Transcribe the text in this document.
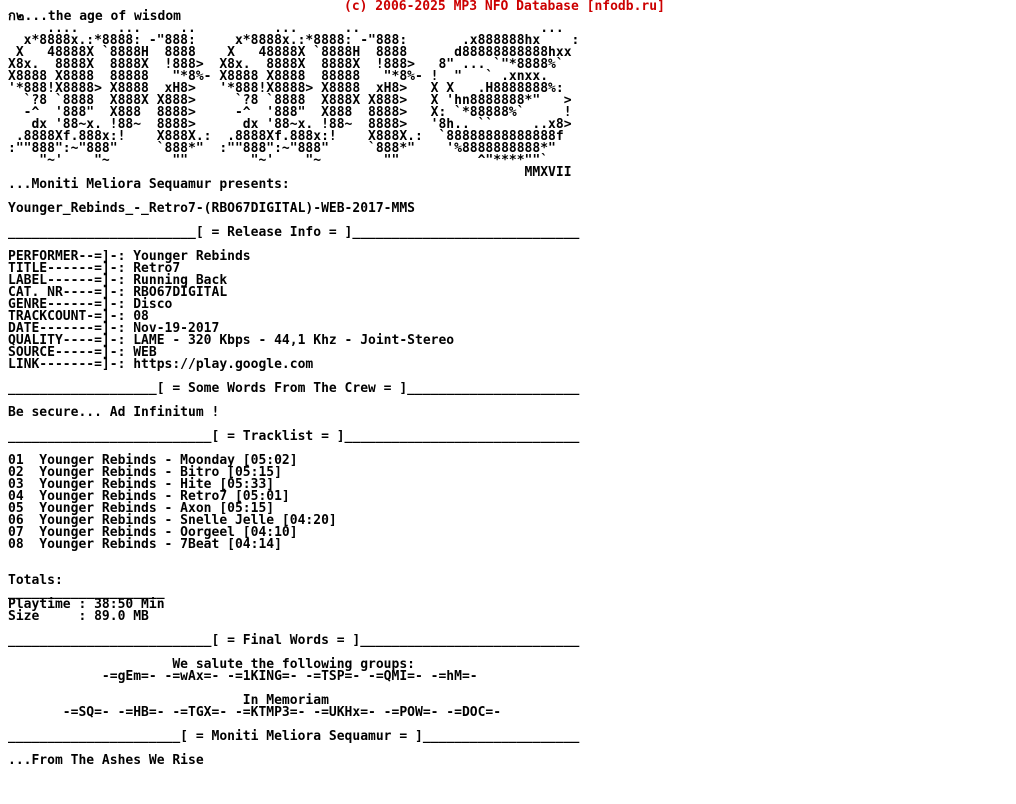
(c) 2006-2025 MP3 NFO Database [nfodb.ru]
ก๒...the age of wisdom
....     ...     ..          ...      ..                       ...
x*8888x.:*8888: -"888:     x*8888x.:*8888: -"888:       .x888888hx    :
X   48888X `8888H  8888    X   48888X `8888H  8888      d88888888888hxx
X8x.  8888X  8888X  !888>  X8x.  8888X  8888X  !888>   8" ... `"*8888%`
X8888 X8888  88888   "*8%- X8888 X8888  88888   "*8%- !  "   ` .xnxx.
'*888!X8888> X8888  xH8>   '*888!X8888> X8888  xH8>   X X   .H8888888%:
`?8 `8888  X888X X888>     `?8 `8888  X888X X888>   X 'hn8888888*"   >
-^  '888"  X888  8888>     -^  '888"  X888  8888>   X: `*88888%`     !
dx '88~x. !88~  8888>      dx '88~x. !88~  8888>   '8h.. ``     ..x8>
.8888Xf.888x:!    X888X.:  .8888Xf.888x:!    X888X.:  `88888888888888f
:""888":~"888"     `888*"  :""888":~"888"     `888*"    '%8888888888*"
"~'    "~        ""        "~'    "~        ""          ^"****""`
MMXVII
...Moniti Meliora Sequamur presents:
Younger_Rebinds_-_Retro7-(RBO67DIGITAL)-WEB-2017-MMS
________________________[ = Release Info = ]_____________________________
PERFORMER--=]-: Younger Rebinds
TITLE------=]-: Retro7
LABEL------=]-: Running Back
CAT. NR----=]-: RBO67DIGITAL
GENRE------=]-: Disco
TRACKCOUNT-=]-: 08
DATE-------=]-: Nov-19-2017
QUALITY----=]-: LAME - 320 Kbps - 44,1 Khz - Joint-Stereo
SOURCE-----=]-: WEB
LINK-------=]-: https://play.google.com
___________________[ = Some Words From The Crew = ]______________________
Be secure... Ad Infinitum !
__________________________[ = Tracklist = ]______________________________
01  Younger Rebinds - Moonday [05:02]
02  Younger Rebinds - Bitro [05:15]
03  Younger Rebinds - Hite [05:33]
04  Younger Rebinds - Retro7 [05:01]
05  Younger Rebinds - Axon [05:15]
06  Younger Rebinds - Snelle Jelle [04:20]
07  Younger Rebinds - Oorgeel [04:10]
08  Younger Rebinds - 7Beat [04:14]
Totals:
____________________
Playtime : 38:50 Min
Size     : 89.0 MB
__________________________[ = Final Words = ]____________________________
We salute the following groups:
-=gEm=- -=wAx=- -=1KING=- -=TSP=- -=QMI=- -=hM=-
In Memoriam
-=SQ=- -=HB=- -=TGX=- -=KTMP3=- -=UKHx=- -=POW=- -=DOC=-
______________________[ = Moniti Meliora Sequamur = ]____________________
...From The Ashes We Rise
